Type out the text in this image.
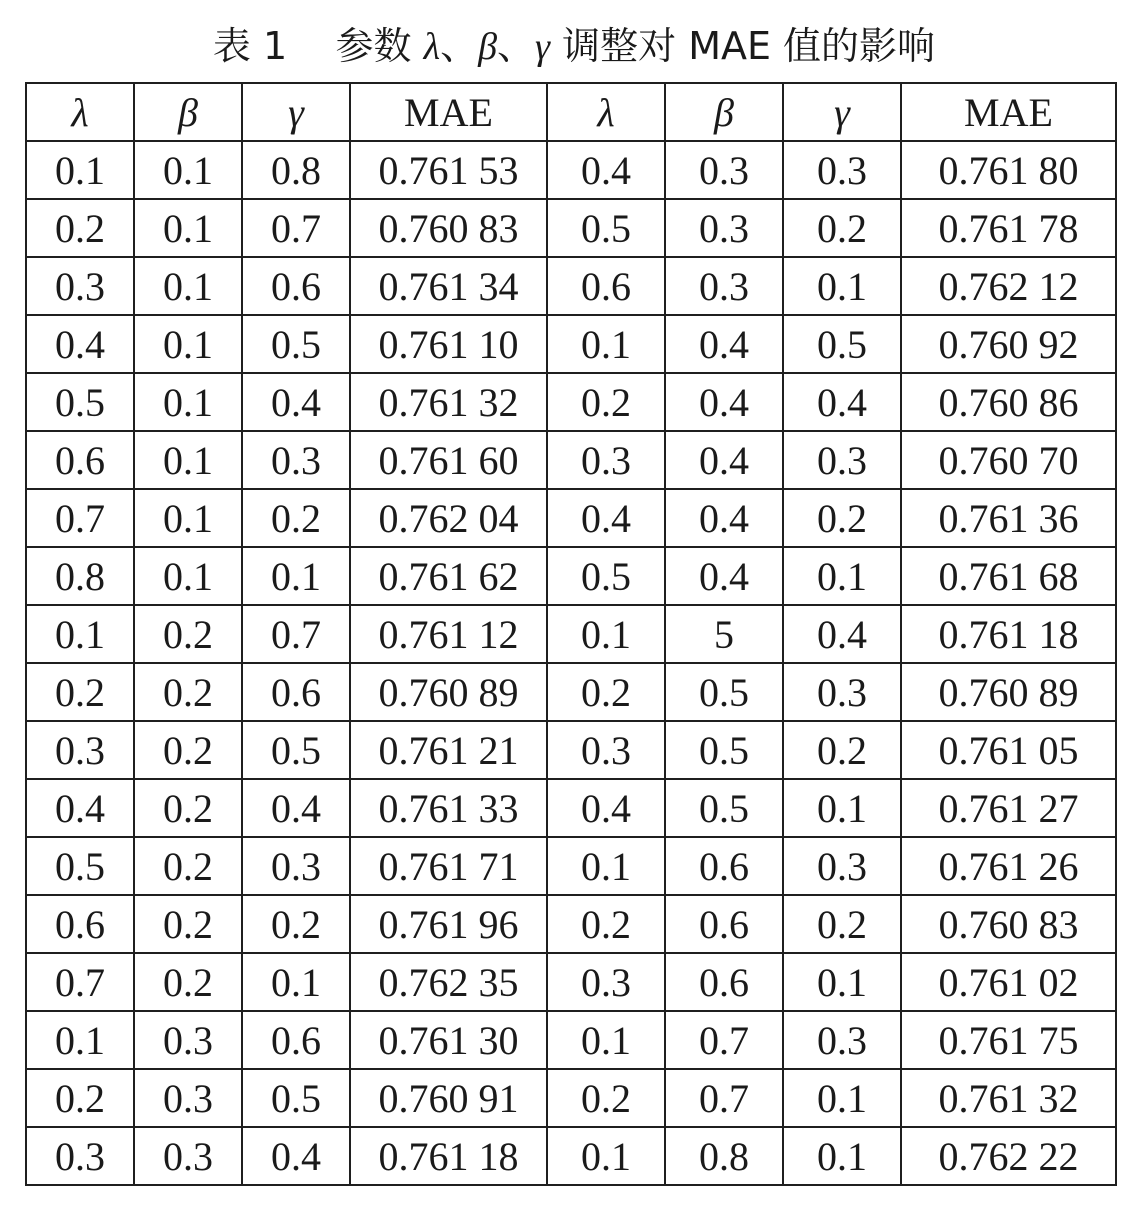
表 1 参数 λ、β、γ 调整对 MAE 值的影响
λ	β	γ	MAE	λ	β	γ	MAE
0.1	0.1	0.8	0.761 53	0.4	0.3	0.3	0.761 80
0.2	0.1	0.7	0.760 83	0.5	0.3	0.2	0.761 78
0.3	0.1	0.6	0.761 34	0.6	0.3	0.1	0.762 12
0.4	0.1	0.5	0.761 10	0.1	0.4	0.5	0.760 92
0.5	0.1	0.4	0.761 32	0.2	0.4	0.4	0.760 86
0.6	0.1	0.3	0.761 60	0.3	0.4	0.3	0.760 70
0.7	0.1	0.2	0.762 04	0.4	0.4	0.2	0.761 36
0.8	0.1	0.1	0.761 62	0.5	0.4	0.1	0.761 68
0.1	0.2	0.7	0.761 12	0.1	5	0.4	0.761 18
0.2	0.2	0.6	0.760 89	0.2	0.5	0.3	0.760 89
0.3	0.2	0.5	0.761 21	0.3	0.5	0.2	0.761 05
0.4	0.2	0.4	0.761 33	0.4	0.5	0.1	0.761 27
0.5	0.2	0.3	0.761 71	0.1	0.6	0.3	0.761 26
0.6	0.2	0.2	0.761 96	0.2	0.6	0.2	0.760 83
0.7	0.2	0.1	0.762 35	0.3	0.6	0.1	0.761 02
0.1	0.3	0.6	0.761 30	0.1	0.7	0.3	0.761 75
0.2	0.3	0.5	0.760 91	0.2	0.7	0.1	0.761 32
0.3	0.3	0.4	0.761 18	0.1	0.8	0.1	0.762 22
